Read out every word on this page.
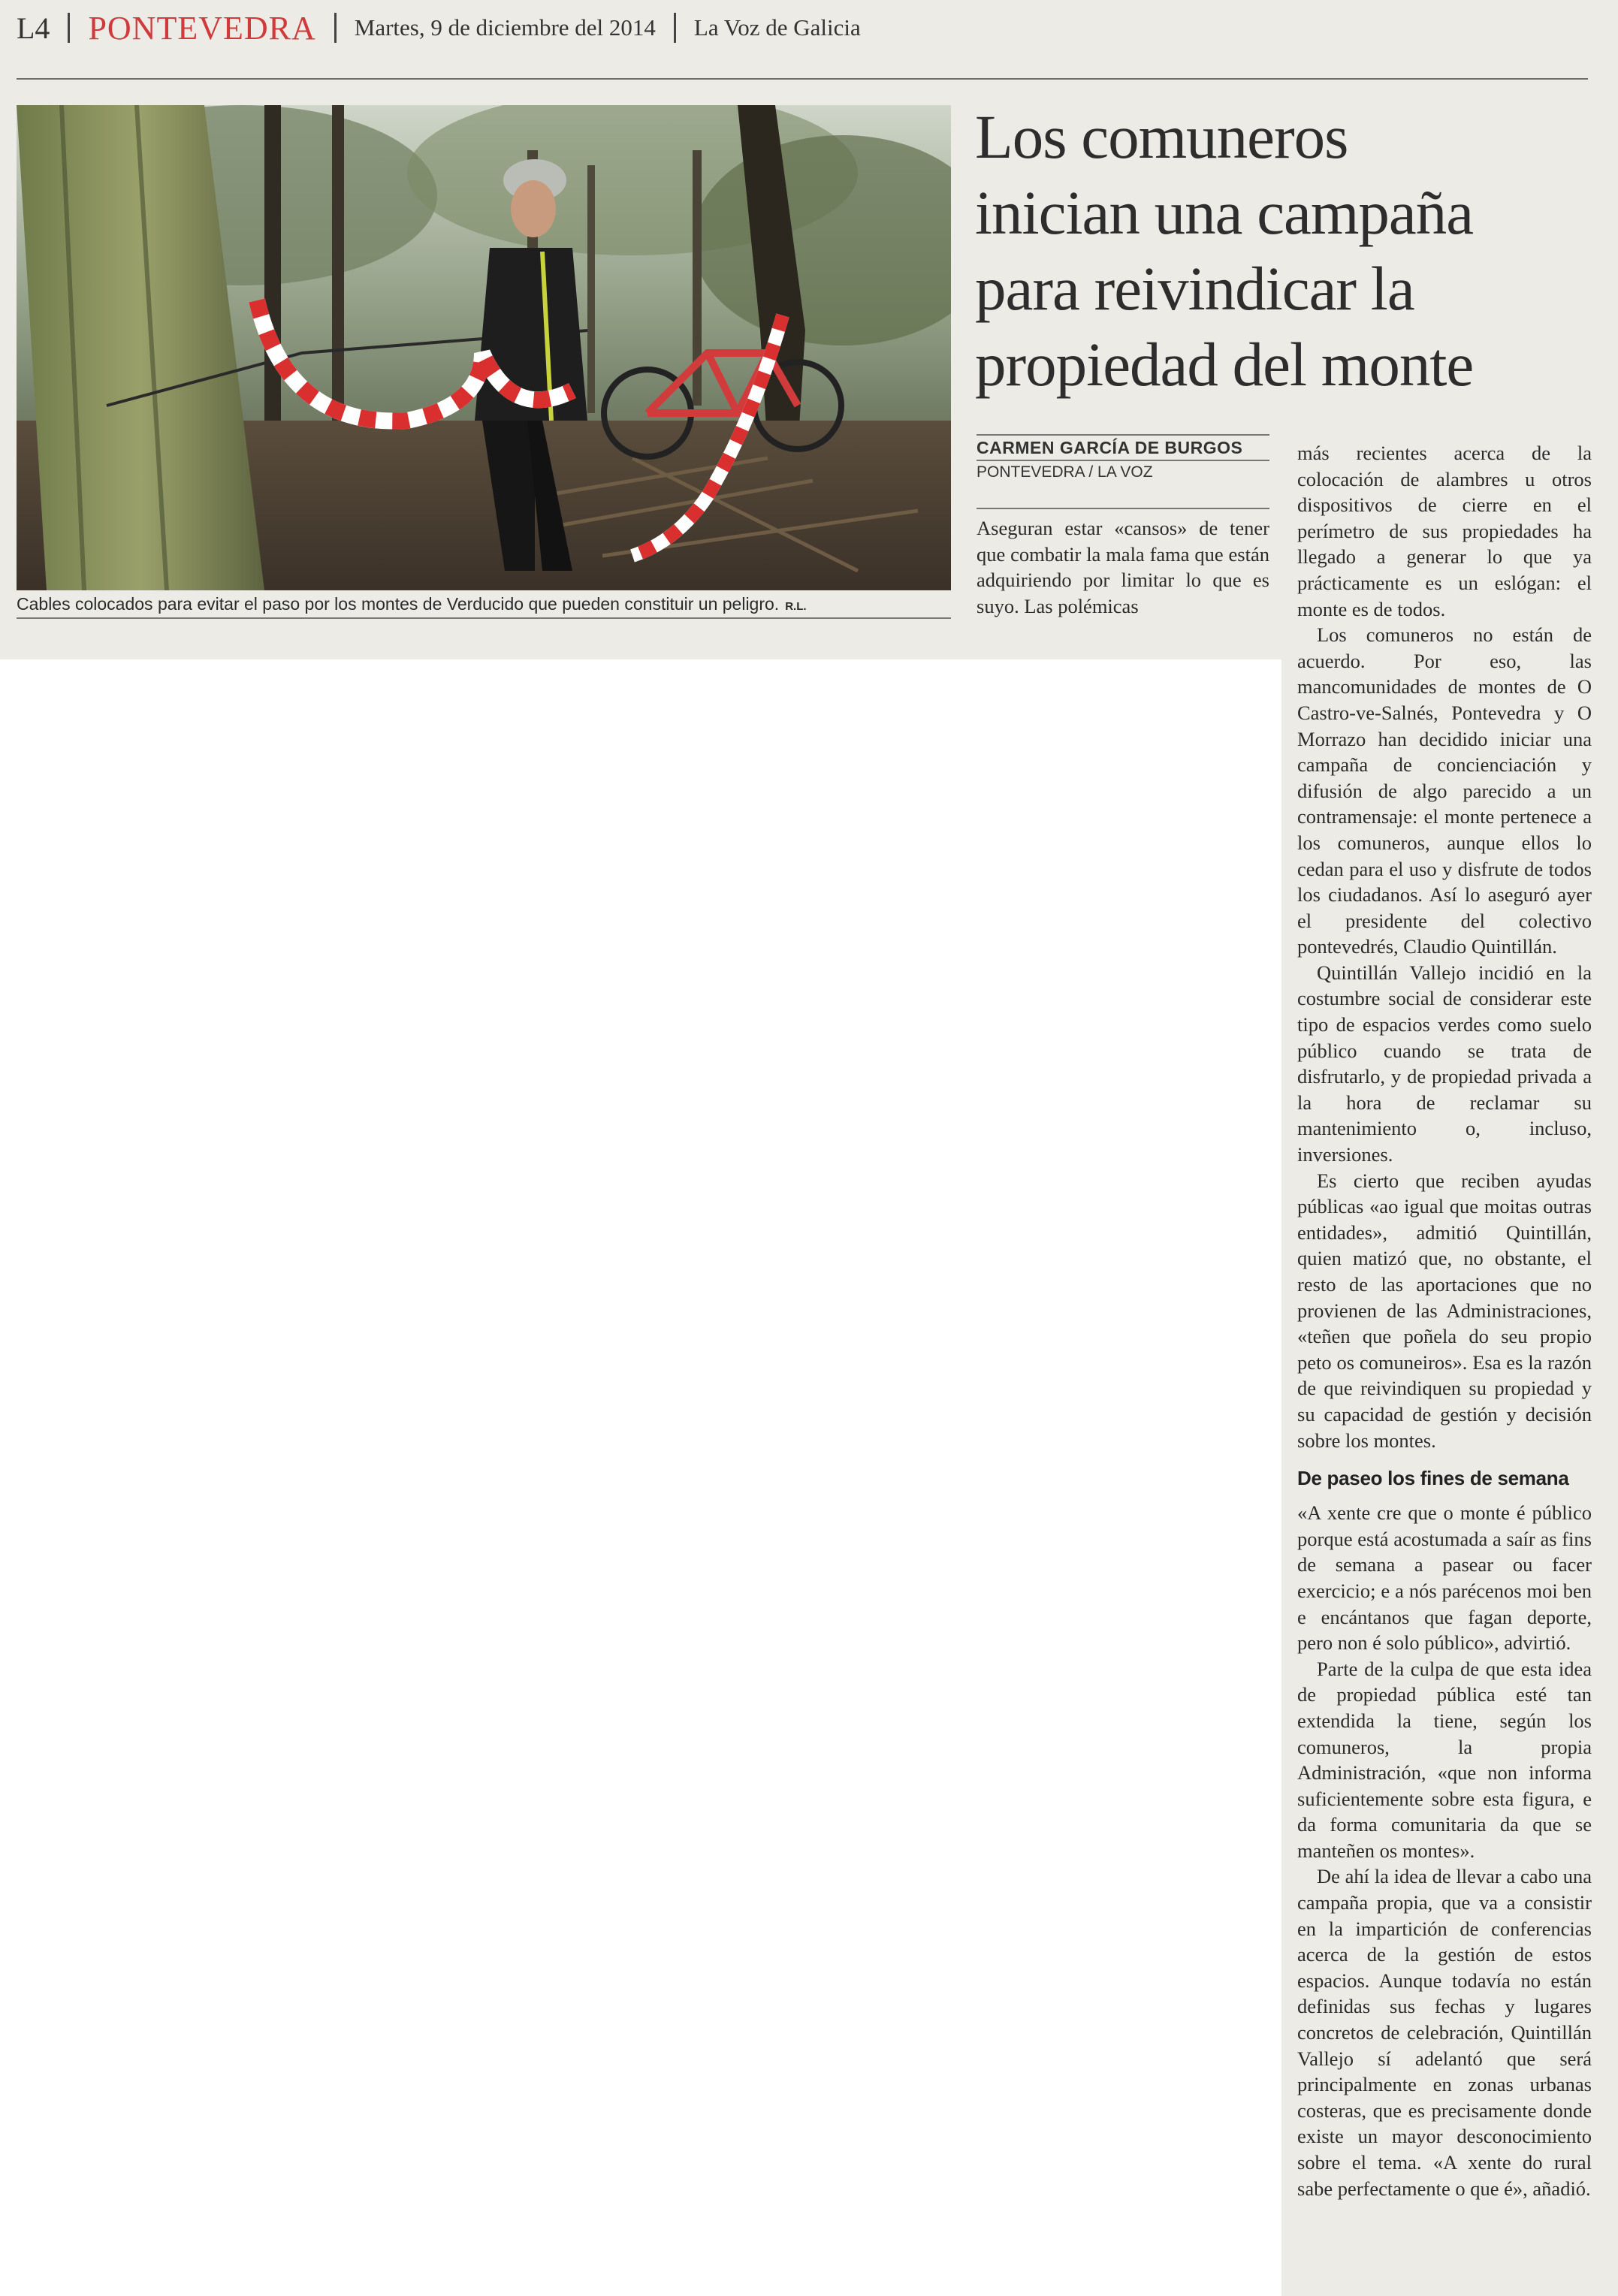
L4 PONTEVEDRA Martes, 9 de diciembre del 2014 La Voz de Galicia
Cables colocados para evitar el paso por los montes de Verducido que pueden constituir un peligro. R.L.
Los comuneros
inician una campaña
para reivindicar la
propiedad del monte
CARMEN GARCÍA DE BURGOS
PONTEVEDRA / LA VOZ

Aseguran estar «cansos» de tener que combatir la mala fama que están adquiriendo por limitar lo que es suyo. Las polémicas

más recientes acerca de la colocación de alambres u otros dispositivos de cierre en el perímetro de sus propiedades ha llegado a generar lo que ya prácticamente es un eslógan: el monte es de todos.

Los comuneros no están de acuerdo. Por eso, las mancomunidades de montes de O Castro-ve-Salnés, Pontevedra y O Morrazo han decidido iniciar una campaña de concienciación y difusión de algo parecido a un contramensaje: el monte pertenece a los comuneros, aunque ellos lo cedan para el uso y disfrute de todos los ciudadanos. Así lo aseguró ayer el presidente del colectivo pontevedrés, Claudio Quintillán.

Quintillán Vallejo incidió en la costumbre social de considerar este tipo de espacios verdes como suelo público cuando se trata de disfrutarlo, y de propiedad privada a la hora de reclamar su mantenimiento o, incluso, inversiones.

Es cierto que reciben ayudas públicas «ao igual que moitas outras entidades», admitió Quintillán, quien matizó que, no obstante, el resto de las aportaciones que no provienen de las Administraciones, «teñen que poñela do seu propio peto os comuneiros». Esa es la razón de que reivindiquen su propiedad y su capacidad de gestión y decisión sobre los montes.

De paseo los fines de semana

«A xente cre que o monte é público porque está acostumada a saír as fins de semana a pasear ou facer exercicio; e a nós parécenos moi ben e encántanos que fagan deporte, pero non é solo público», advirtió.

Parte de la culpa de que esta idea de propiedad pública esté tan extendida la tiene, según los comuneros, la propia Administración, «que non informa suficientemente sobre esta figura, e da forma comunitaria da que se manteñen os montes».

De ahí la idea de llevar a cabo una campaña propia, que va a consistir en la impartición de conferencias acerca de la gestión de estos espacios. Aunque todavía no están definidas sus fechas y lugares concretos de celebración, Quintillán Vallejo sí adelantó que será principalmente en zonas urbanas costeras, que es precisamente donde existe un mayor desconocimiento sobre el tema. «A xente do rural sabe perfectamente o que é», añadió.
